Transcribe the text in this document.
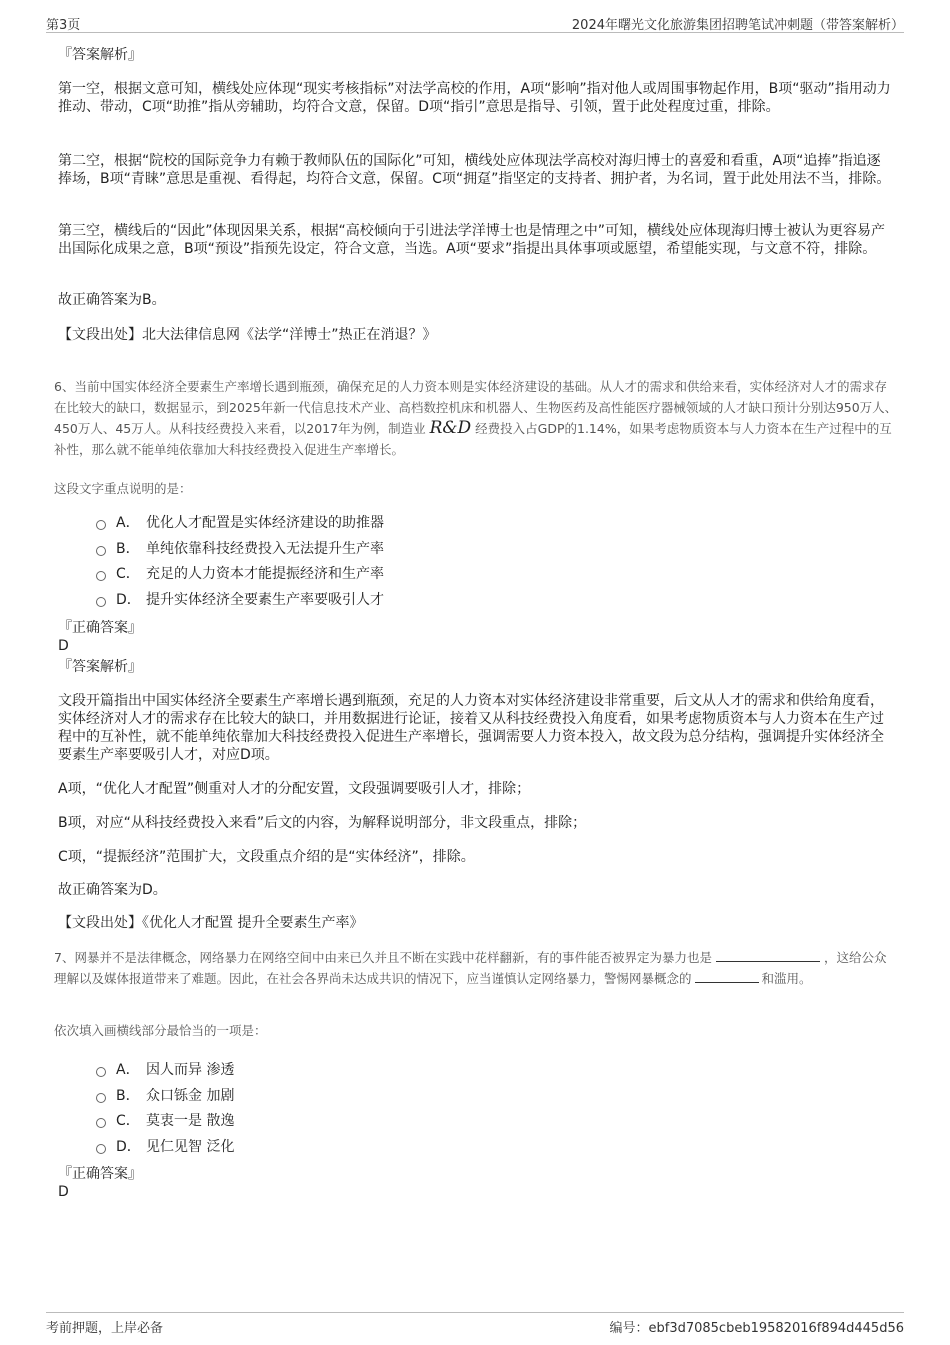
第3页	2024年曙光文化旅游集团招聘笔试冲刺题（带答案解析）
『答案解析』
第一空，根据文意可知，横线处应体现“现实考核指标”对法学高校的作用，A项“影响”指对他人或周围事物起作用，B项“驱动”指用动力推动、带动，C项“助推”指从旁辅助，均符合文意，保留。D项“指引”意思是指导、引领，置于此处程度过重，排除。
第二空，根据“院校的国际竞争力有赖于教师队伍的国际化”可知，横线处应体现法学高校对海归博士的喜爱和看重，A项“追捧”指追逐捧场，B项“青睐”意思是重视、看得起，均符合文意，保留。C项“拥趸”指坚定的支持者、拥护者，为名词，置于此处用法不当，排除。
第三空，横线后的“因此”体现因果关系，根据“高校倾向于引进法学洋博士也是情理之中”可知，横线处应体现海归博士被认为更容易产出国际化成果之意，B项“预设”指预先设定，符合文意，当选。A项“要求”指提出具体事项或愿望，希望能实现，与文意不符，排除。
故正确答案为B。
【文段出处】北大法律信息网《法学“洋博士”热正在消退？》
6、当前中国实体经济全要素生产率增长遇到瓶颈，确保充足的人力资本则是实体经济建设的基础。从人才的需求和供给来看，实体经济对人才的需求存在比较大的缺口，数据显示，到2025年新一代信息技术产业、高档数控机床和机器人、生物医药及高性能医疗器械领域的人才缺口预计分别达950万人、450万人、45万人。从科技经费投入来看，以2017年为例，制造业 R&D 经费投入占GDP的1.14%，如果考虑物质资本与人力资本在生产过程中的互补性，那么就不能单纯依靠加大科技经费投入促进生产率增长。
这段文字重点说明的是：
A． 优化人才配置是实体经济建设的助推器
B． 单纯依靠科技经费投入无法提升生产率
C． 充足的人力资本才能提振经济和生产率
D． 提升实体经济全要素生产率要吸引人才
『正确答案』
D
『答案解析』
文段开篇指出中国实体经济全要素生产率增长遇到瓶颈，充足的人力资本对实体经济建设非常重要，后文从人才的需求和供给角度看，实体经济对人才的需求存在比较大的缺口，并用数据进行论证，接着又从科技经费投入角度看，如果考虑物质资本与人力资本在生产过程中的互补性，就不能单纯依靠加大科技经费投入促进生产率增长，强调需要人力资本投入，故文段为总分结构，强调提升实体经济全要素生产率要吸引人才，对应D项。
A项，“优化人才配置”侧重对人才的分配安置，文段强调要吸引人才，排除；
B项，对应“从科技经费投入来看”后文的内容，为解释说明部分，非文段重点，排除；
C项，“提振经济”范围扩大，文段重点介绍的是“实体经济”，排除。
故正确答案为D。
【文段出处】《优化人才配置 提升全要素生产率》
7、网暴并不是法律概念，网络暴力在网络空间中由来已久并且不断在实践中花样翻新，有的事件能否被界定为暴力也是	，这给公众理解以及媒体报道带来了难题。因此，在社会各界尚未达成共识的情况下，应当谨慎认定网络暴力，警惕网暴概念的	和滥用。
依次填入画横线部分最恰当的一项是：
A． 因人而异 渗透
B． 众口铄金 加剧
C． 莫衷一是 散逸
D． 见仁见智 泛化
『正确答案』
D
考前押题，上岸必备	编号：ebf3d7085cbeb19582016f894d445d56
